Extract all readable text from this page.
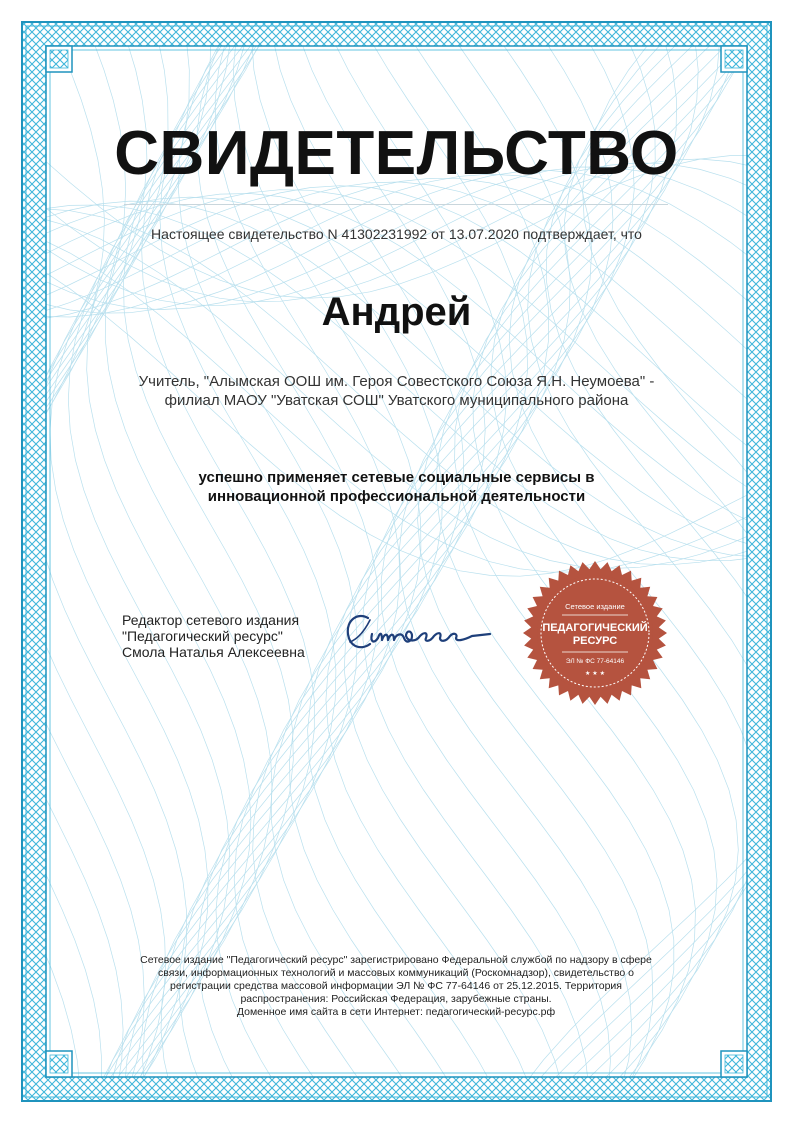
СВИДЕТЕЛЬСТВО
Настоящее свидетельство N 41302231992 от 13.07.2020 подтверждает, что
Андрей
Учитель, "Алымская ООШ им. Героя Совестского Союза Я.Н. Неумоева" -
филиал МАОУ "Уватская СОШ" Уватского муниципального района
успешно применяет сетевые социальные сервисы в
инновационной профессиональной деятельности
Редактор сетевого издания
"Педагогический ресурс"
Смола Наталья Алексеевна
Сетевое издание
ПЕДАГОГИЧЕСКИЙ
РЕСУРС
ЭЛ № ФС 77-64146
★ ★ ★
Сетевое издание "Педагогический ресурс" зарегистрировано Федеральной службой по надзору в сфере
связи, информационных технологий и массовых коммуникаций (Роскомнадзор), свидетельство о
регистрации средства массовой информации ЭЛ № ФС 77-64146 от 25.12.2015. Территория
распространения: Российская Федерация, зарубежные страны.
Доменное имя сайта в сети Интернет: педагогический-ресурс.рф
